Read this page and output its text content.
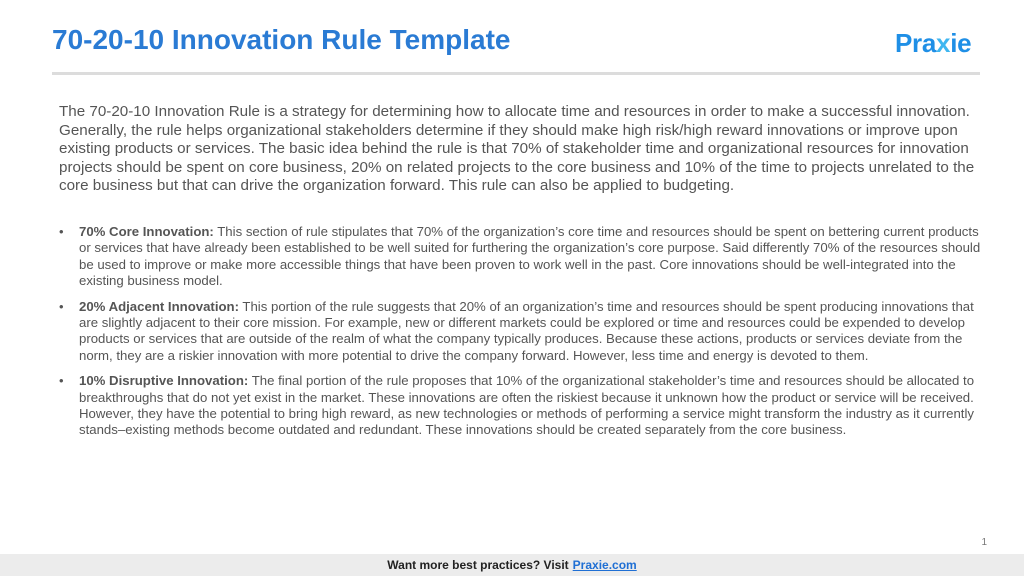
70-20-10 Innovation Rule Template	Praxie
The 70-20-10 Innovation Rule is a strategy for determining how to allocate time and resources in order to make a successful innovation. Generally, the rule helps organizational stakeholders determine if they should make high risk/high reward innovations or improve upon existing products or services. The basic idea behind the rule is that 70% of stakeholder time and organizational resources for innovation projects should be spent on core business, 20% on related projects to the core business and 10% of the time to projects unrelated to the core business but that can drive the organization forward. This rule can also be applied to budgeting.
• 70% Core Innovation: This section of rule stipulates that 70% of the organization’s core time and resources should be spent on bettering current products or services that have already been established to be well suited for furthering the organization’s core purpose. Said differently 70% of the resources should be used to improve or make more accessible things that have been proven to work well in the past. Core innovations should be well-integrated into the existing business model.
• 20% Adjacent Innovation: This portion of the rule suggests that 20% of an organization’s time and resources should be spent producing innovations that are slightly adjacent to their core mission. For example, new or different markets could be explored or time and resources could be expended to develop products or services that are outside of the realm of what the company typically produces. Because these actions, products or services deviate from the norm, they are a riskier innovation with more potential to drive the company forward. However, less time and energy is devoted to them.
• 10% Disruptive Innovation: The final portion of the rule proposes that 10% of the organizational stakeholder’s time and resources should be allocated to breakthroughs that do not yet exist in the market. These innovations are often the riskiest because it unknown how the product or service will be received. However, they have the potential to bring high reward, as new technologies or methods of performing a service might transform the industry as it currently stands–existing methods become outdated and redundant. These innovations should be created separately from the core business.
1
Want more best practices? Visit Praxie.com
